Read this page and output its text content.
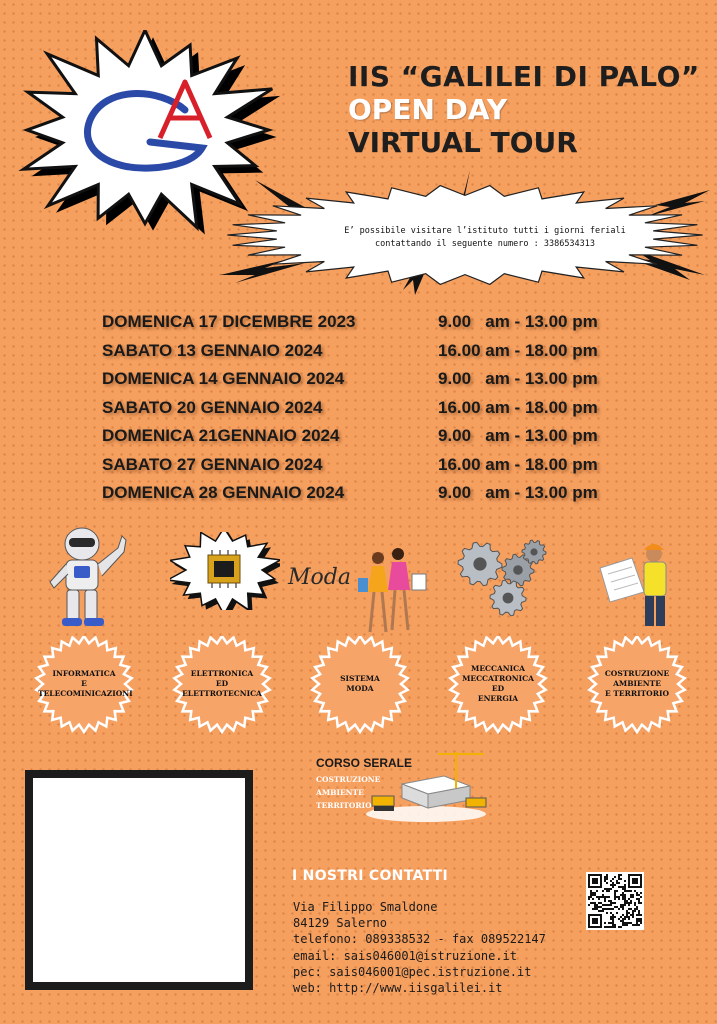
IIS “GALILEI DI PALO”
OPEN DAY
VIRTUAL TOUR
E’ possibile visitare l’istituto tutti i giorni feriali
contattando il seguente numero : 3386534313
DOMENICA 17 DICEMBRE 2023	9.00   am - 13.00 pm
SABATO 13 GENNAIO 2024	16.00 am - 18.00 pm
DOMENICA 14 GENNAIO 2024	9.00   am - 13.00 pm
SABATO 20 GENNAIO 2024	16.00 am - 18.00 pm
DOMENICA 21GENNAIO 2024	9.00   am - 13.00 pm
SABATO 27 GENNAIO 2024	16.00 am - 18.00 pm
DOMENICA 28 GENNAIO 2024	9.00   am - 13.00 pm
Moda
INFORMATICA
E
TELECOMINICAZIONI
ELETTRONICA
ED
ELETTROTECNICA
SISTEMA
MODA
MECCANICA
MECCATRONICA
ED
ENERGIA
COSTRUZIONE
AMBIENTE
E TERRITORIO
CORSO SERALE
COSTRUZIONE
AMBIENTE
TERRITORIO
I NOSTRI CONTATTI
Via Filippo Smaldone
84129 Salerno
telefono: 089338532 - fax 089522147
email: sais046001@istruzione.it
pec: sais046001@pec.istruzione.it
web: http://www.iisgalilei.it
